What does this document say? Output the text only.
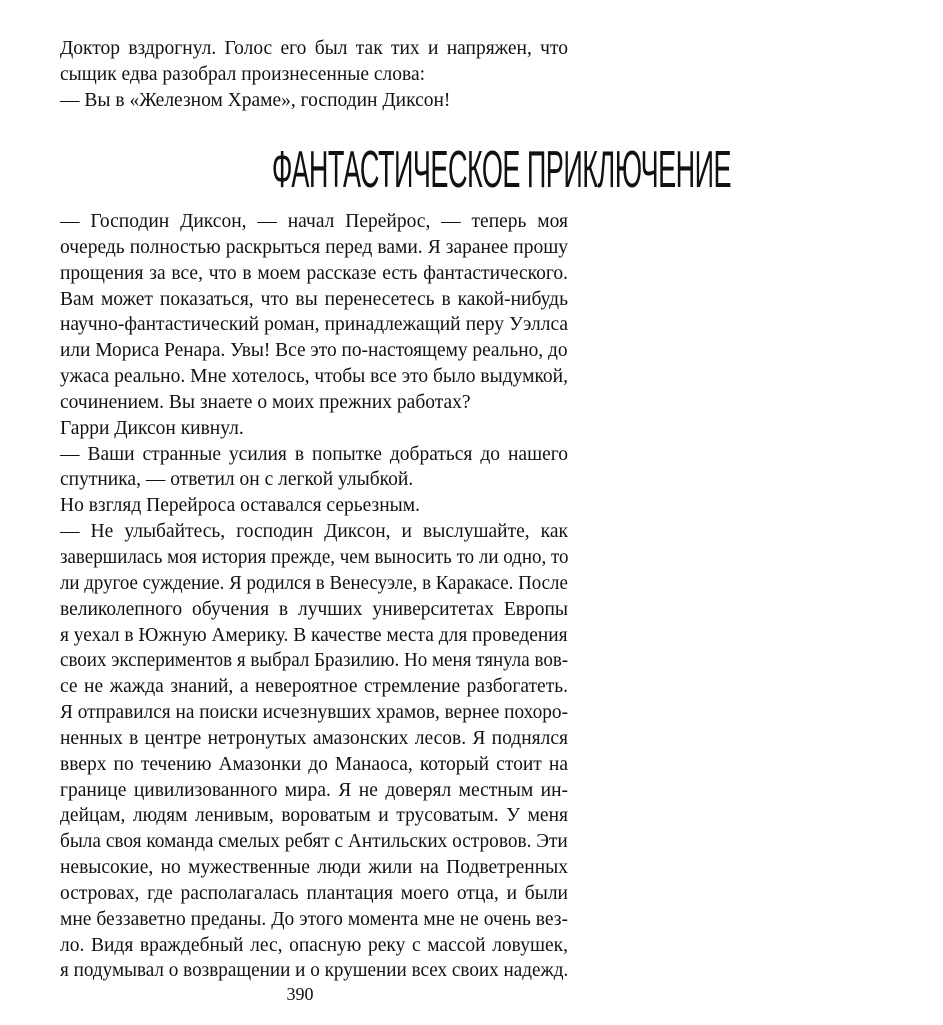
Доктор вздрогнул. Голос его был так тих и напряжен, что
сыщик едва разобрал произнесенные слова:
— Вы в «Железном Храме», господин Диксон!
ФАНТАСТИЧЕСКОЕ ПРИКЛЮЧЕНИЕ
— Господин Диксон, — начал Перейрос, — теперь моя
очередь полностью раскрыться перед вами. Я заранее прошу
прощения за все, что в моем рассказе есть фантастического.
Вам может показаться, что вы перенесетесь в какой-нибудь
научно-фантастический роман, принадлежащий перу Уэллса
или Мориса Ренара. Увы! Все это по-настоящему реально, до
ужаса реально. Мне хотелось, чтобы все это было выдумкой,
сочинением. Вы знаете о моих прежних работах?
Гарри Диксон кивнул.
— Ваши странные усилия в попытке добраться до нашего
спутника, — ответил он с легкой улыбкой.
Но взгляд Перейроса оставался серьезным.
— Не улыбайтесь, господин Диксон, и выслушайте, как
завершилась моя история прежде, чем выносить то ли одно, то
ли другое суждение. Я родился в Венесуэле, в Каракасе. После
великолепного обучения в лучших университетах Европы
я уехал в Южную Америку. В качестве места для проведения
своих экспериментов я выбрал Бразилию. Но меня тянула вов-
се не жажда знаний, а невероятное стремление разбогатеть.
Я отправился на поиски исчезнувших храмов, вернее похоро-
ненных в центре нетронутых амазонских лесов. Я поднялся
вверх по течению Амазонки до Манаоса, который стоит на
границе цивилизованного мира. Я не доверял местным ин-
дейцам, людям ленивым, вороватым и трусоватым. У меня
была своя команда смелых ребят с Антильских островов. Эти
невысокие, но мужественные люди жили на Подветренных
островах, где располагалась плантация моего отца, и были
мне беззаветно преданы. До этого момента мне не очень вез-
ло. Видя враждебный лес, опасную реку с массой ловушек,
я подумывал о возвращении и о крушении всех своих надежд.
390
